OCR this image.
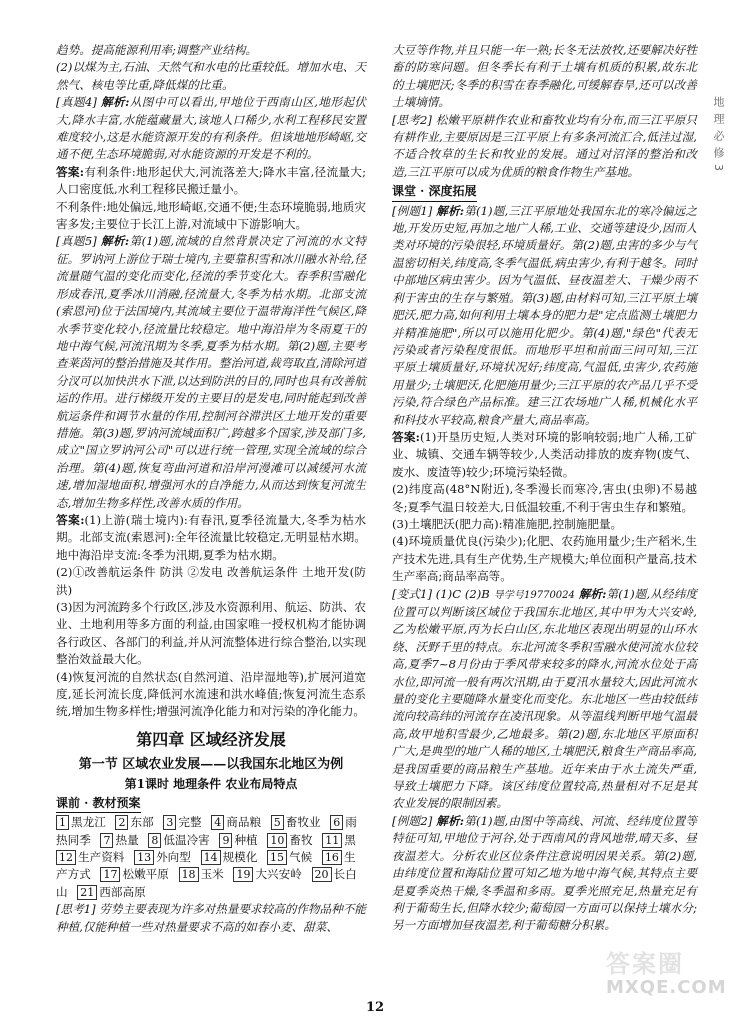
趋势。提高能源利用率;调整产业结构。

(2)以煤为主,石油、天然气和水电的比重较低。增加水电、天然气、核电等比重,降低煤的比重。

[真题4] 解析:从图中可以看出,甲地位于西南山区,地形起伏大,降水丰富,水能蕴藏量大,该地人口稀少,水利工程移民安置难度较小,这是水能资源开发的有利条件。但该地地形崎岖,交通不便,生态环境脆弱,对水能资源的开发是不利的。

答案:有利条件:地形起伏大,河流落差大;降水丰富,径流量大;人口密度低,水利工程移民搬迁量小。

不利条件:地处偏远,地形崎岖,交通不便;生态环境脆弱,地质灾害多发;主要位于长江上游,对流域中下游影响大。

[真题5] 解析:第(1)题,流域的自然背景决定了河流的水文特征。罗讷河上游位于瑞士境内,主要靠积雪和冰川融水补给,径流量随气温的变化而变化,径流的季节变化大。春季积雪融化形成春汛,夏季冰川消融,径流量大,冬季为枯水期。北部支流(索恩河)位于法国境内,其流域主要位于温带海洋性气候区,降水季节变化较小,径流量比较稳定。地中海沿岸为冬雨夏干的地中海气候,河流汛期为冬季,夏季为枯水期。第(2)题,主要考查莱茵河的整治措施及其作用。整治河道,裁弯取直,清除河道分汊可以加快洪水下泄,以达到防洪的目的,同时也具有改善航运的作用。进行梯级开发的主要目的是发电,同时能起到改善航运条件和调节水量的作用,控制河谷滞洪区土地开发的重要措施。第(3)题,罗讷河流域面积广,跨越多个国家,涉及部门多,成立"国立罗讷河公司"可以进行统一管理,实现全流域的综合治理。第(4)题,恢复弯曲河道和沿岸河漫滩可以减缓河水流速,增加湿地面积,增强河水的自净能力,从而达到恢复河流生态,增加生物多样性,改善水质的作用。

答案:(1)上游(瑞士境内):有春汛,夏季径流量大,冬季为枯水期。北部支流(索恩河):全年径流量比较稳定,无明显枯水期。地中海沿岸支流:冬季为汛期,夏季为枯水期。

(2)①改善航运条件 防洪 ②发电 改善航运条件 土地开发(防洪)

(3)因为河流跨多个行政区,涉及水资源利用、航运、防洪、农业、土地利用等多方面的利益,由国家唯一授权机构才能协调各行政区、各部门的利益,并从河流整体进行综合整治,以实现整治效益最大化。

(4)恢复河流的自然状态(自然河道、沿岸湿地等),扩展河道宽度,延长河流长度,降低河水流速和洪水峰值;恢复河流生态系统,增加生物多样性;增强河流净化能力和对污染的净化能力。

第四章 区域经济发展
第一节 区域农业发展——以我国东北地区为例
第1课时 地理条件 农业布局特点
课前 · 教材预案
1 黑龙江 2 东部 3 完整 4 商品粮 5 畜牧业 6 雨热同季 7 热量 8 低温冷害 9 种植 10 畜牧 11 黑 12 生产资料 13 外向型 14 规模化 15 气候 16 生产方式 17 松嫩平原 18 玉米 19 大兴安岭 20 长白山 21 西部高原

[思考1] 劳势主要表现为许多对热量要求较高的作物品种不能种植,仅能种植一些对热量要求不高的如春小麦、甜菜、

大豆等作物,并且只能一年一熟;长冬无法放牧,还要解决好牲畜的防寒问题。但冬季长有利于土壤有机质的积累,故东北的土壤肥沃;冬季的积雪在春季融化,可缓解春旱,还可以改善土壤墒情。

[思考2] 松嫩平原耕作农业和畜牧业均有分布,而三江平原只有耕作业,主要原因是三江平原上有多条河流汇合,低洼过湿,不适合牧草的生长和牧业的发展。通过对沼泽的整治和改造,三江平原可以成为优质的粮食作物生产基地。

课堂 · 深度拓展

[例题1] 解析:第(1)题,三江平原地处我国东北的寒冷偏远之地,开发历史短,再加之地广人稀,工业、交通等建设少,因而人类对环境的污染很轻,环境质量好。第(2)题,虫害的多少与气温密切相关,纬度高,冬季气温低,病虫害少,有利于越冬。同时中部地区病虫害少。因为气温低、昼夜温差大、干燥少雨不利于害虫的生存与繁殖。第(3)题,由材料可知,三江平原土壤肥沃,肥力高,如何利用土壤本身的肥力是"定点监测土壤肥力并精准施肥",所以可以施用化肥少。第(4)题,"绿色"代表无污染或者污染程度很低。而地形平坦和前面三问可知,三江平原土壤质量好,环境状况好;纬度高,气温低,虫害少,农药施用量少;土壤肥沃,化肥施用量少;三江平原的农产品几乎不受污染,符合绿色产品标准。建三江农场地广人稀,机械化水平和科技水平较高,粮食产量大,商品率高。

答案:(1)开垦历史短,人类对环境的影响较弱;地广人稀,工矿业、城镇、交通车辆等较少,人类活动排放的废弃物(废气、废水、废渣等)较少;环境污染轻微。

(2)纬度高(48°N附近),冬季漫长而寒冷,害虫(虫卵)不易越冬;夏季气温日较差大,日低温较重,不利于害虫生存和繁殖。

(3)土壤肥沃(肥力高):精准施肥,控制施肥量。

(4)环境质量优良(污染少);化肥、农药施用量少;生产稻米,生产技术先进,具有生产优势,生产规模大;单位面积产量高,技术生产率高;商品率高等。

[变式1] (1)C (2)B 导学号19770024 解析:第(1)题,从经纬度位置可以判断该区域位于我国东北地区,其中甲为大兴安岭,乙为松嫩平原,丙为长白山区,东北地区表现出明显的山环水绕、沃野千里的特点。东北河流冬季积雪融水使河流水位较高,夏季7~8月份由于季风带来较多的降水,河流水位处于高水位,即河流一般有两次汛期,由于夏汛水量较大,因此河流水量的变化主要随降水量变化而变化。东北地区一些由较低纬流向较高纬的河流存在凌汛现象。从等温线判断甲地气温最高,故甲地积雪最少,乙地最多。第(2)题,东北地区平原面积广大,是典型的地广人稀的地区,土壤肥沃,粮食生产商品率高,是我国重要的商品粮生产基地。近年来由于水土流失严重,导致土壤肥力下降。该区纬度位置较高,热量相对不足是其农业发展的限制因素。

[例题2] 解析:第(1)题,由图中等高线、河流、经纬度位置等特征可知,甲地位于河谷,处于西南风的背风地带,晴天多、昼夜温差大。分析农业区位条件注意说明因果关系。第(2)题,由纬度位置和海陆位置可知乙地为地中海气候,其特点主要是夏季炎热干燥,冬季温和多雨。夏季光照充足,热量充足有利于葡萄生长,但降水较少;葡萄园一方面可以保持土壤水分;另一方面增加昼夜温差,利于葡萄糖分积累。

地理必修3
12
答案圈
MXQE.COM
